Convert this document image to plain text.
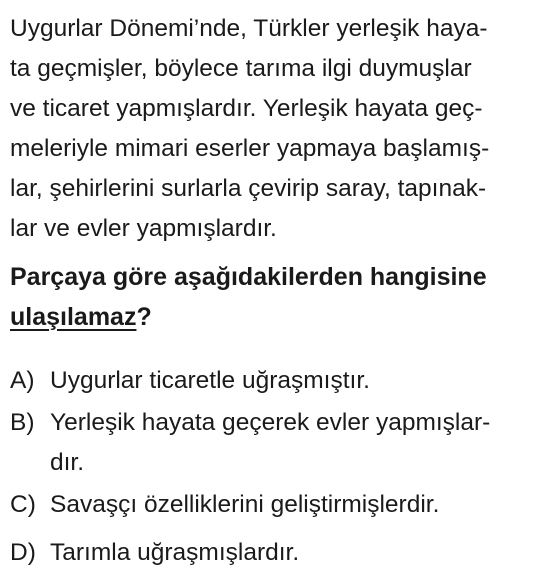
Uygurlar Dönemi’nde, Türkler yerleşik haya-
ta geçmişler, böylece tarıma ilgi duymuşlar
ve ticaret yapmışlardır. Yerleşik hayata geç-
meleriyle mimari eserler yapmaya başlamış-
lar, şehirlerini surlarla çevirip saray, tapınak-
lar ve evler yapmışlardır.
Parçaya göre aşağıdakilerden hangisine
ulaşılamaz?
A) Uygurlar ticaretle uğraşmıştır.
B) Yerleşik hayata geçerek evler yapmışlar-
dır.
C) Savaşçı özelliklerini geliştirmişlerdir.
D) Tarımla uğraşmışlardır.
